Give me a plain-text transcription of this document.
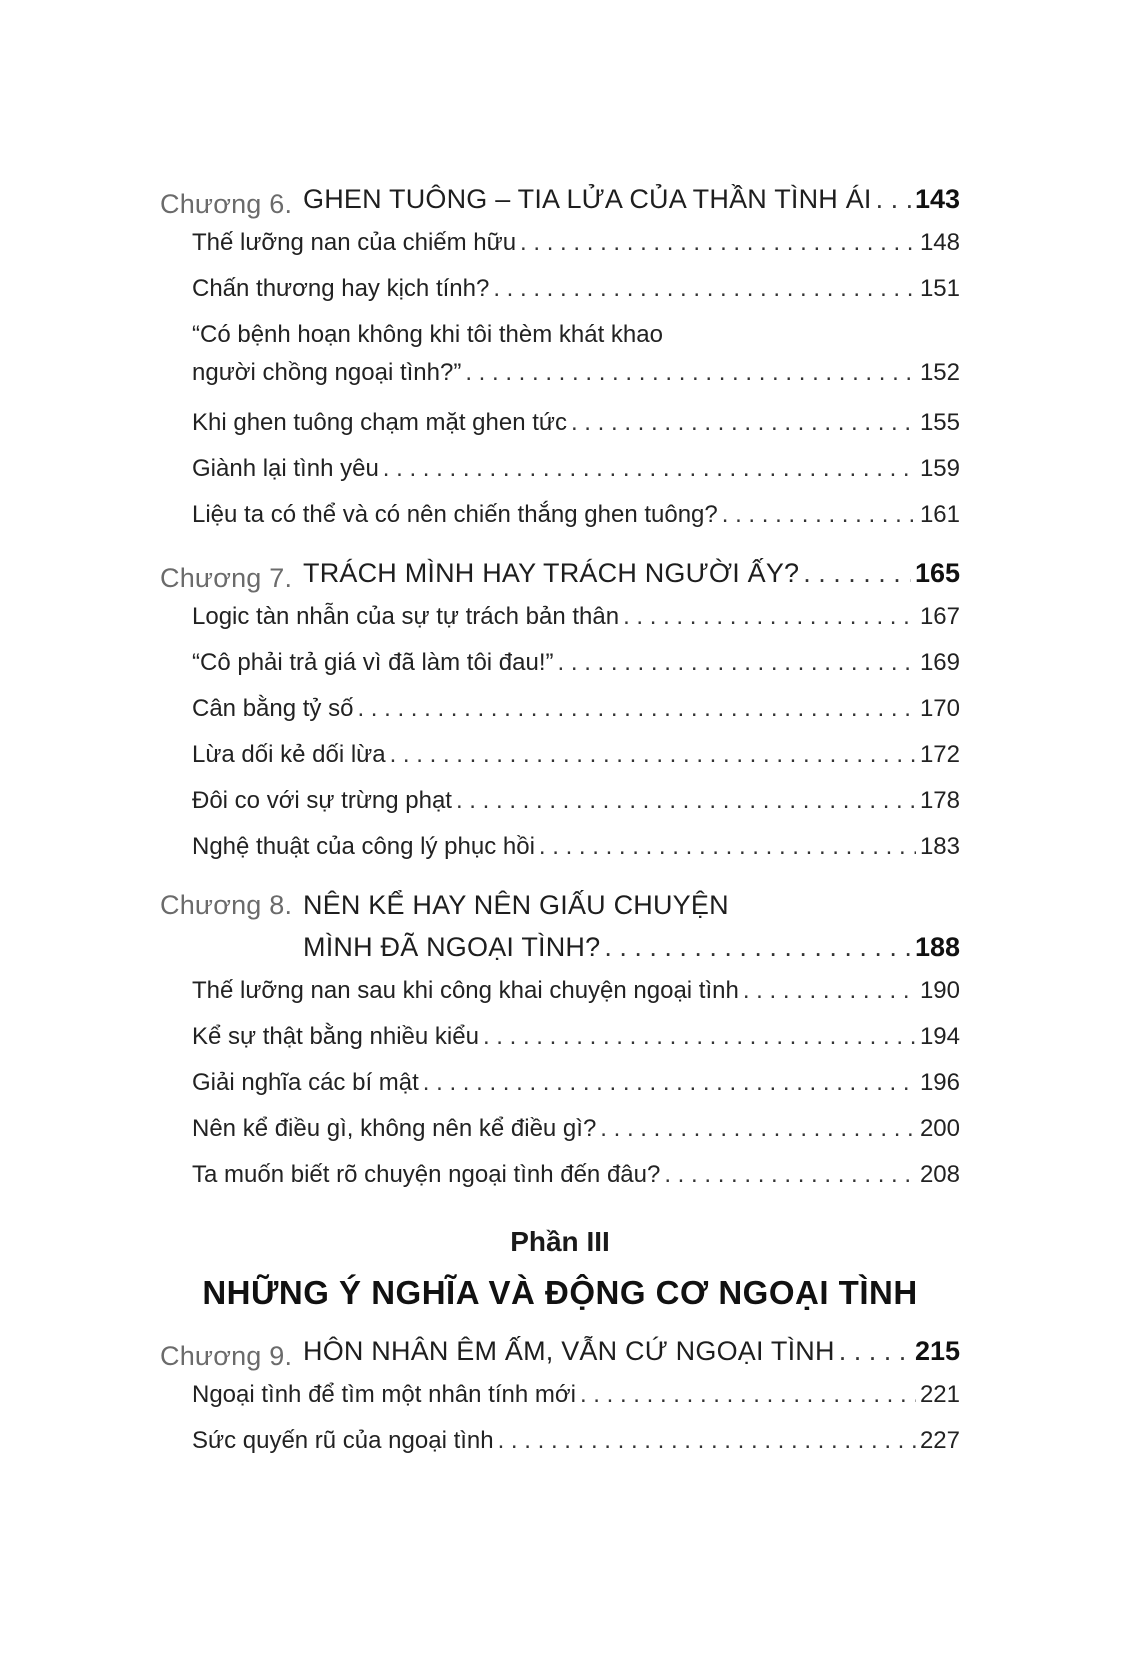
Chương 6. GHEN TUÔNG – TIA LỬA CỦA THẦN TÌNH ÁI . . . 143
Thế lưỡng nan của chiếm hữu . . .	148
Chấn thương hay kịch tính? . . .	151
“Có bệnh hoạn không khi tôi thèm khát khao
người chồng ngoại tình?” . . .	152
Khi ghen tuông chạm mặt ghen tức . . .	155
Giành lại tình yêu . . .	159
Liệu ta có thể và có nên chiến thắng ghen tuông? . . .	161
Chương 7. TRÁCH MÌNH HAY TRÁCH NGƯỜI ẤY? . . .	165
Logic tàn nhẫn của sự tự trách bản thân . . .	167
“Cô phải trả giá vì đã làm tôi đau!” . . .	169
Cân bằng tỷ số . . .	170
Lừa dối kẻ dối lừa . . .	172
Đôi co với sự trừng phạt . . .	178
Nghệ thuật của công lý phục hồi . . .	183
Chương 8. NÊN KỂ HAY NÊN GIẤU CHUYỆN
MÌNH ĐÃ NGOẠI TÌNH? . . .	188
Thế lưỡng nan sau khi công khai chuyện ngoại tình . . .	190
Kể sự thật bằng nhiều kiểu . . .	194
Giải nghĩa các bí mật . . .	196
Nên kể điều gì, không nên kể điều gì? . . .	200
Ta muốn biết rõ chuyện ngoại tình đến đâu? . . .	208
Phần III
NHỮNG Ý NGHĨA VÀ ĐỘNG CƠ NGOẠI TÌNH
Chương 9. HÔN NHÂN ÊM ẤM, VẪN CỨ NGOẠI TÌNH . . .	215
Ngoại tình để tìm một nhân tính mới . . .	221
Sức quyến rũ của ngoại tình . . .	227
